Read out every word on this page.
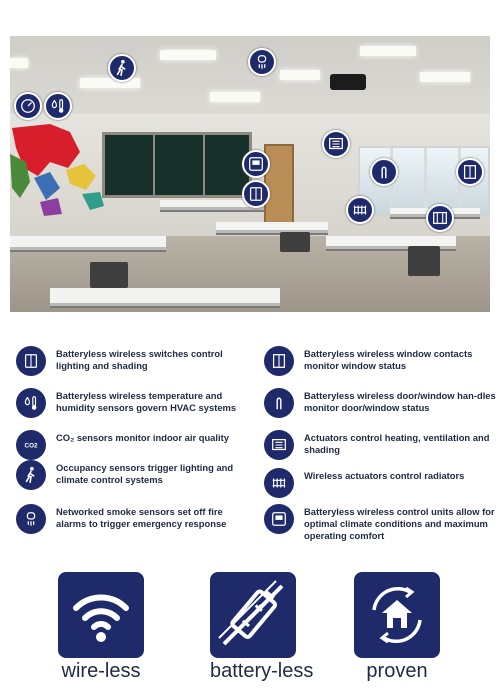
Batteryless wireless switches control lighting and shading
Batteryless wireless temperature and humidity sensors govern HVAC systems
CO2
CO₂ sensors monitor indoor air quality
Occupancy sensors trigger lighting and climate control systems
Networked smoke sensors set off fire alarms to trigger emergency response
Batteryless wireless window contacts monitor window status
Batteryless wireless door/window han-dles monitor door/window status
Actuators control heating, ventilation and shading
Wireless actuators control radiators
Batteryless wireless control units allow for optimal climate conditions and maximum operating comfort
wire-less	battery-less	proven
